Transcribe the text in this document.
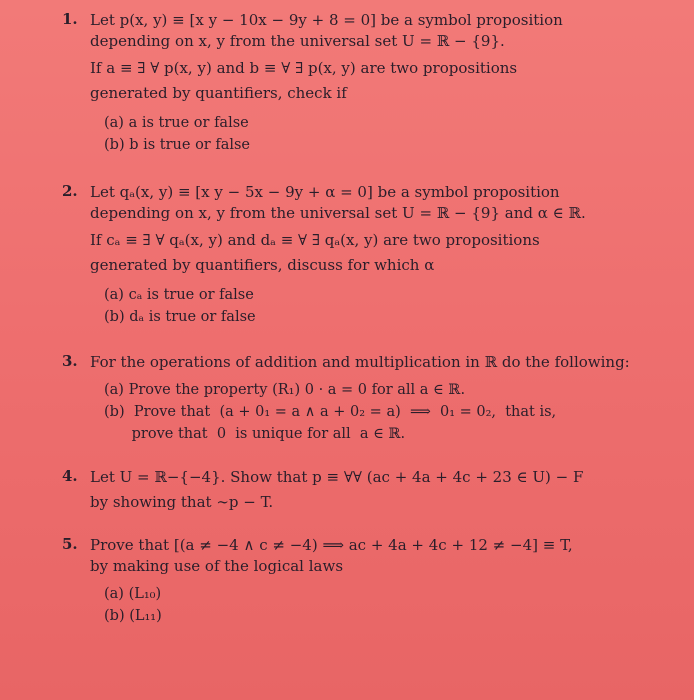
1. Let p(x, y) ≡ [x y − 10x − 9y + 8 = 0] be a symbol proposition
depending on x, y from the universal set U = ℝ − {9}.
If a ≡ ∃ ∀ p(x, y) and b ≡ ∀ ∃ p(x, y) are two propositions
generated by quantifiers, check if
(a) a is true or false
(b) b is true or false
2. Let qₐ(x, y) ≡ [x y − 5x − 9y + α = 0] be a symbol proposition
depending on x, y from the universal set U = ℝ − {9} and α ∈ ℝ.
If cₐ ≡ ∃ ∀ qₐ(x, y) and dₐ ≡ ∀ ∃ qₐ(x, y) are two propositions
generated by quantifiers, discuss for which α
(a) cₐ is true or false
(b) dₐ is true or false
3. For the operations of addition and multiplication in ℝ do the following:
(a) Prove the property (R₁) 0 · a = 0 for all a ∈ ℝ.
(b)  Prove that  (a + 0₁ = a ∧ a + 0₂ = a)  ⟹  0₁ = 0₂,  that is,
prove that  0  is unique for all  a ∈ ℝ.
4. Let U = ℝ−{−4}. Show that p ≡ ∀∀ (ac + 4a + 4c + 23 ∈ U) − F
by showing that ∼p − T.
5. Prove that [(a ≠ −4 ∧ c ≠ −4) ⟹ ac + 4a + 4c + 12 ≠ −4] ≡ T,
by making use of the logical laws
(a) (L₁₀)
(b) (L₁₁)
